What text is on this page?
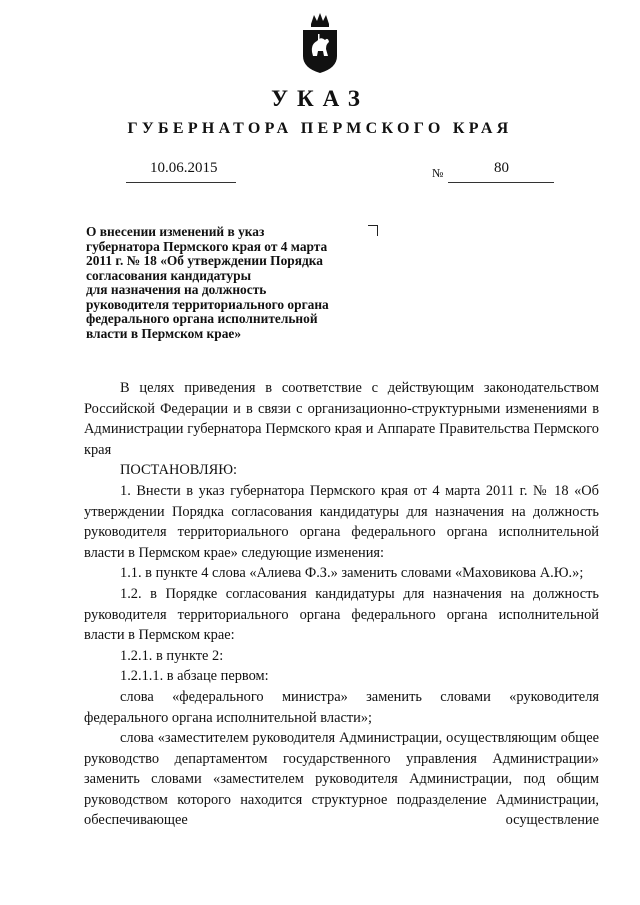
УКАЗ
ГУБЕРНАТОРА ПЕРМСКОГО КРАЯ
10.06.2015	№	80
О внесении изменений в указ
губернатора Пермского края от 4 марта
2011 г. № 18 «Об утверждении Порядка
согласования кандидатуры
для назначения на должность
руководителя территориального органа
федерального органа исполнительной
власти в Пермском крае»

В целях приведения в соответствие с действующим законодательством Российской Федерации и в связи с организационно-структурными изменениями в Администрации губернатора Пермского края и Аппарате Правительства Пермского края

ПОСТАНОВЛЯЮ:

1. Внести в указ губернатора Пермского края от 4 марта 2011 г. № 18 «Об утверждении Порядка согласования кандидатуры для назначения на должность руководителя территориального органа федерального органа исполнительной власти в Пермском крае» следующие изменения:

1.1. в пункте 4 слова «Алиева Ф.З.» заменить словами «Маховикова А.Ю.»;

1.2. в Порядке согласования кандидатуры для назначения на должность руководителя территориального органа федерального органа исполнительной власти в Пермском крае:

1.2.1. в пункте 2:

1.2.1.1. в абзаце первом:

слова «федерального министра» заменить словами «руководителя федерального органа исполнительной власти»;

слова «заместителем руководителя Администрации, осуществляющим общее руководство департаментом государственного управления Администрации» заменить словами «заместителем руководителя Администрации, под общим руководством которого находится структурное подразделение Администрации, обеспечивающее осуществление
